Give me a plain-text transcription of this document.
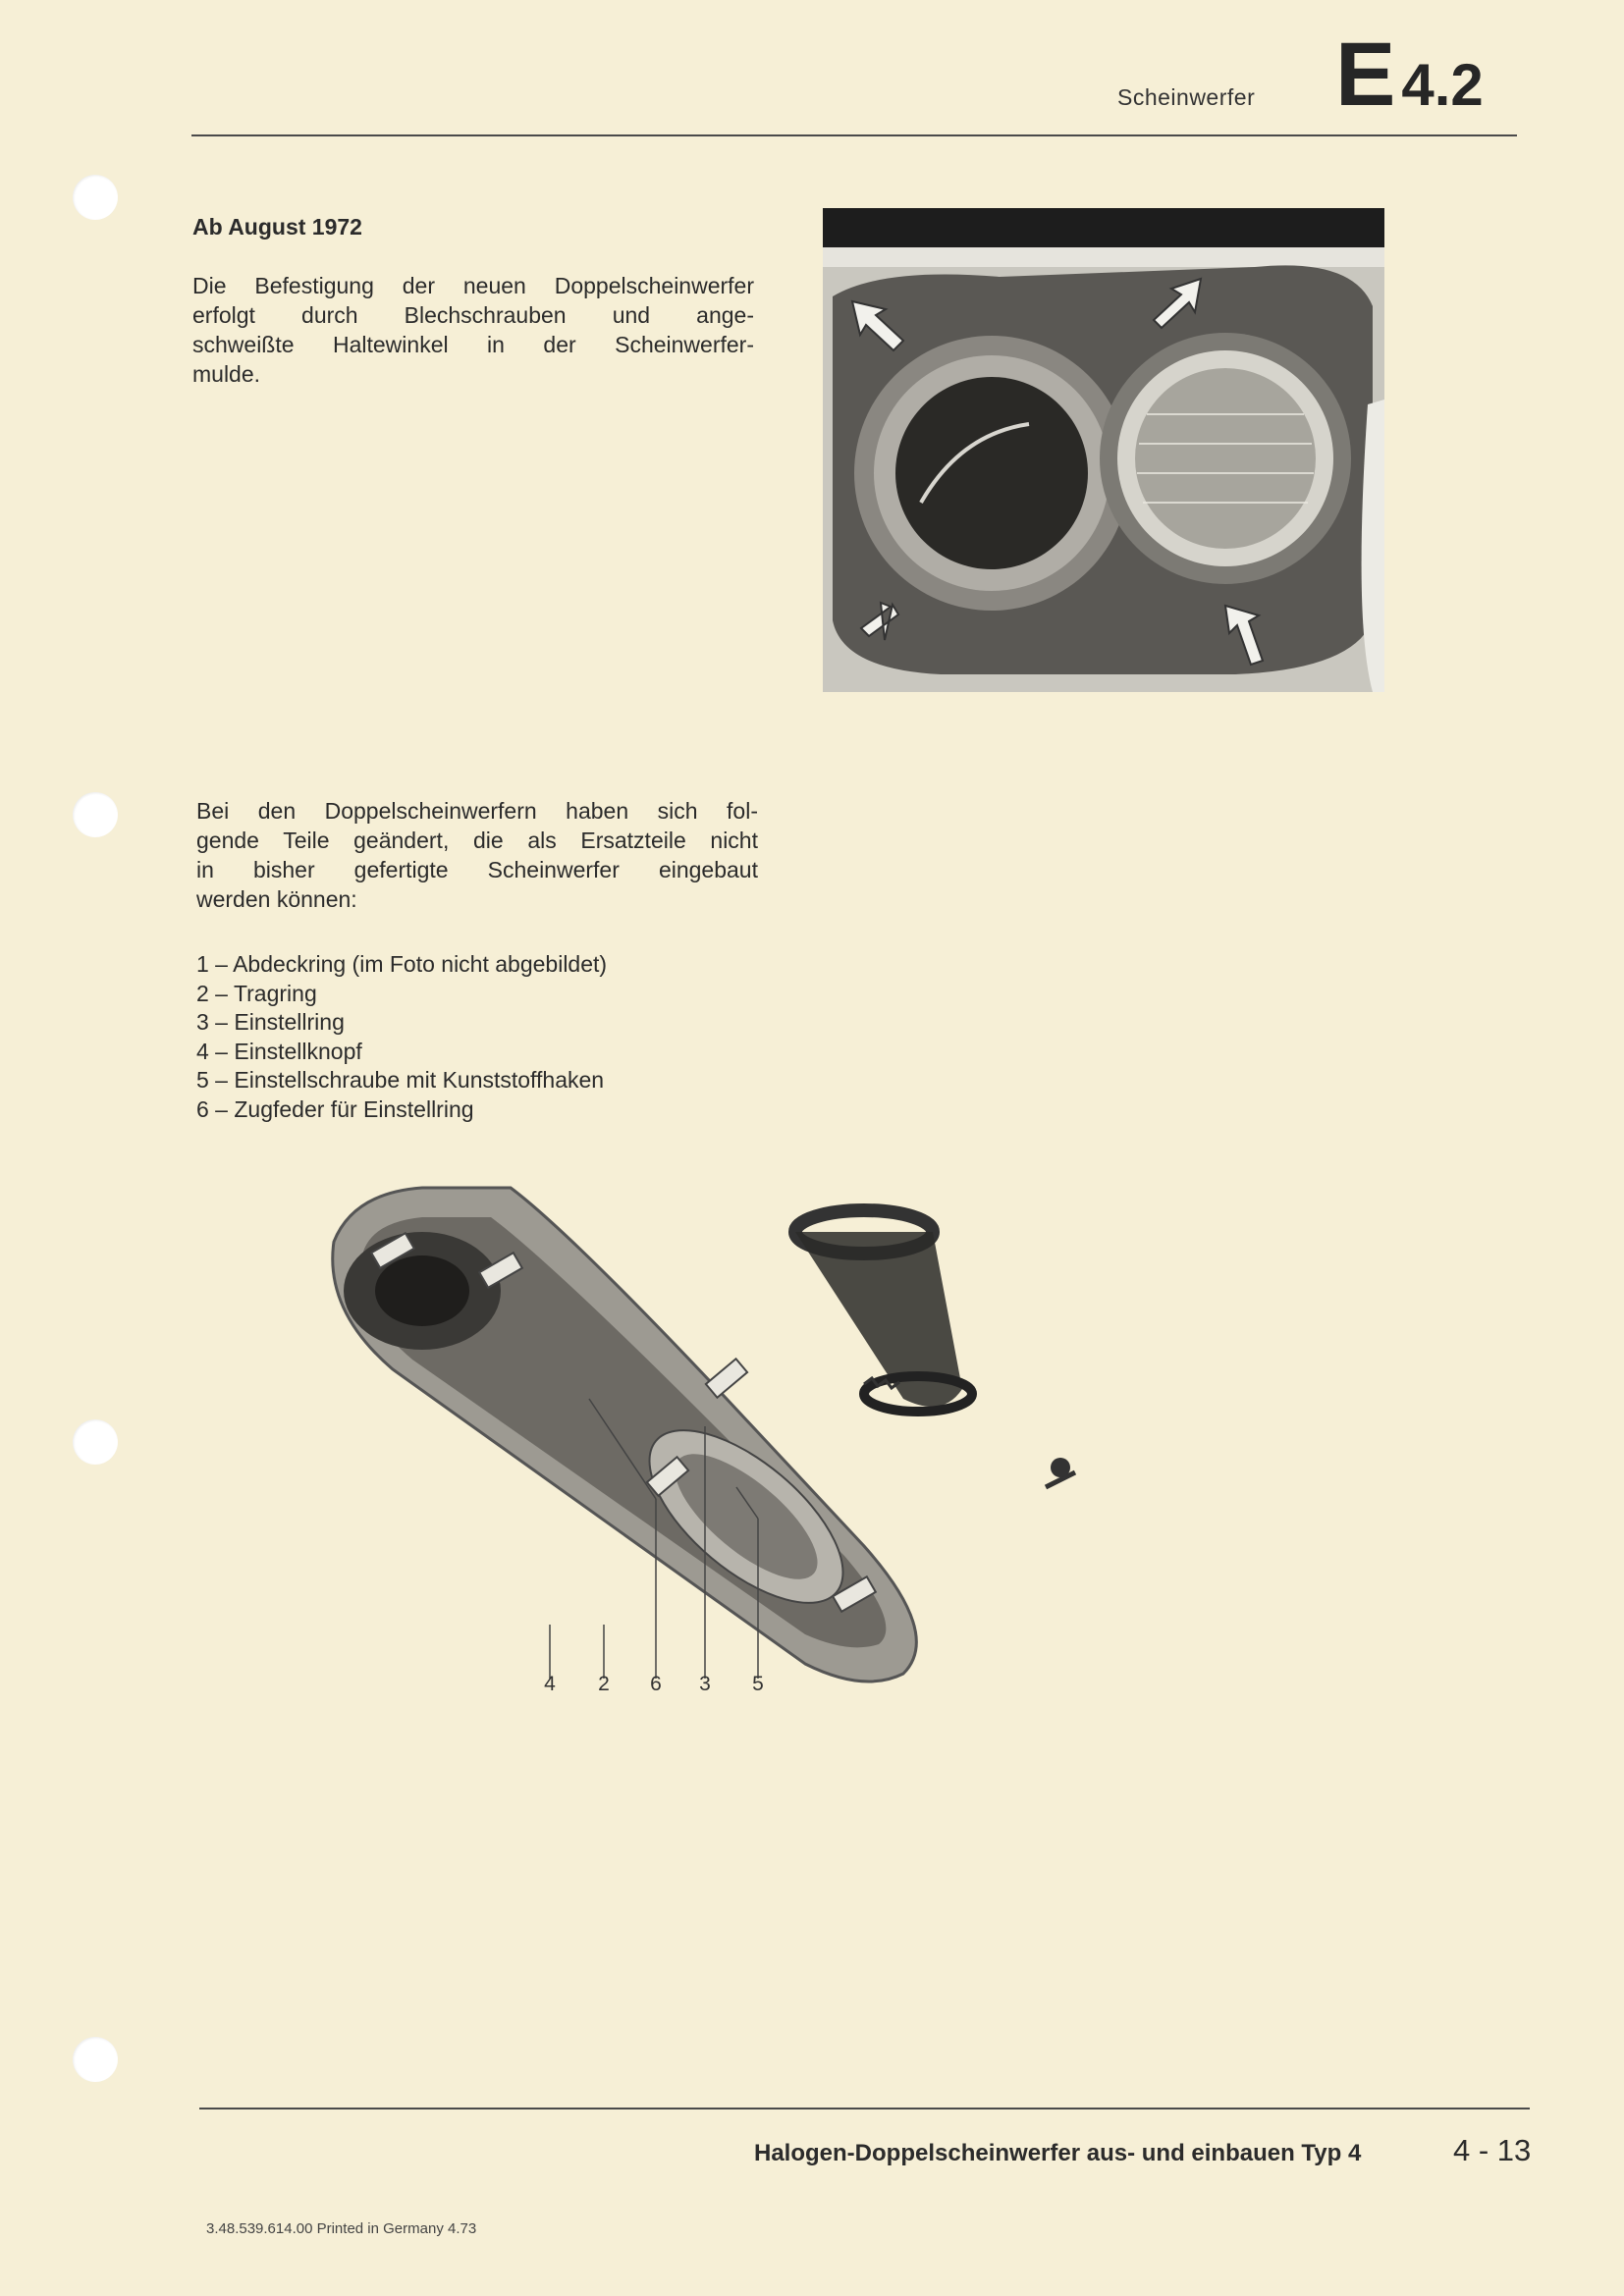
Scheinwerfer E 4.2
Ab August 1972
Die Befestigung der neuen Doppelscheinwerfer
erfolgt durch Blechschrauben und ange-
schweißte Haltewinkel in der Scheinwerfer-
mulde.
Bei den Doppelscheinwerfern haben sich fol-
gende Teile geändert, die als Ersatzteile nicht
in bisher gefertigte Scheinwerfer eingebaut
werden können:
1 – Abdeckring (im Foto nicht abgebildet)
2 – Tragring
3 – Einstellring
4 – Einstellknopf
5 – Einstellschraube mit Kunststoffhaken
6 – Zugfeder für Einstellring
4 2 6 3 5
Halogen-Doppelscheinwerfer aus- und einbauen Typ 4	4 - 13
3.48.539.614.00 Printed in Germany 4.73
